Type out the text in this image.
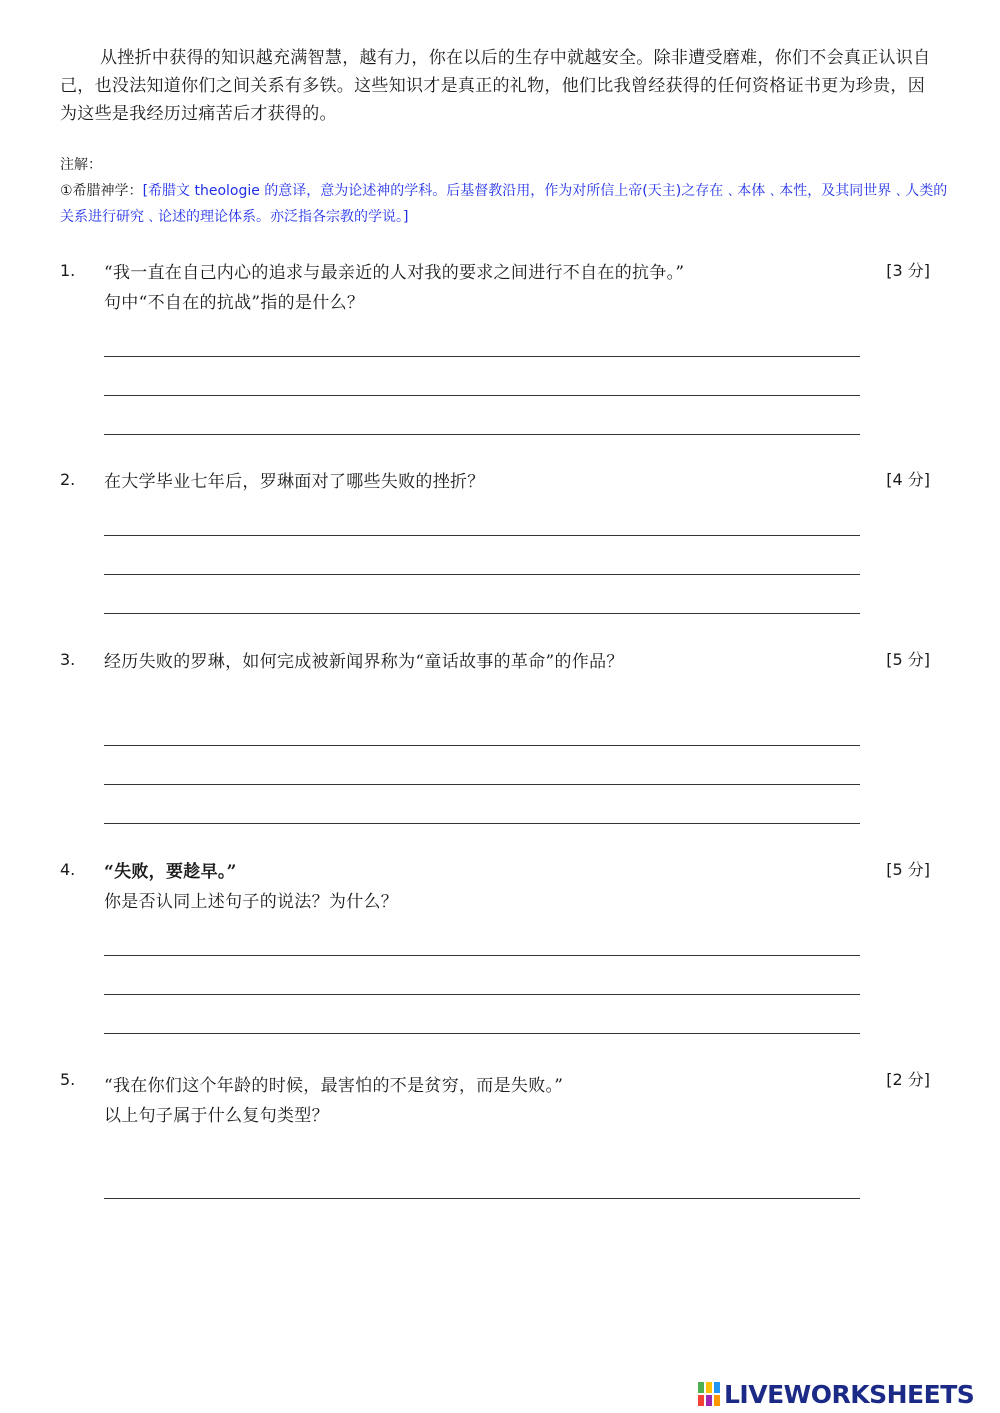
从挫折中获得的知识越充满智慧，越有力，你在以后的生存中就越安全。除非遭受磨难，你们不会真正认识自己，也没法知道你们之间关系有多铁。这些知识才是真正的礼物，他们比我曾经获得的任何资格证书更为珍贵，因为这些是我经历过痛苦后才获得的。

注解：

①希腊神学：[希腊文 theologie 的意译，意为论述神的学科。后基督教沿用，作为对所信上帝(天主)之存在﹑本体﹑本性，及其同世界﹑人类的关系进行研究﹑论述的理论体系。亦泛指各宗教的学说。]

1. “我一直在自己内心的追求与最亲近的人对我的要求之间进行不自在的抗争。”
句中“不自在的抗战”指的是什么？
[3 分]
2. 在大学毕业七年后，罗琳面对了哪些失败的挫折？	[4 分]
3. 经历失败的罗琳，如何完成被新闻界称为“童话故事的革命”的作品？	[5 分]
4. “失败，要趁早。”
你是否认同上述句子的说法？为什么？
[5 分]
5. “我在你们这个年龄的时候，最害怕的不是贫穷，而是失败。”
以上句子属于什么复句类型？
[2 分]
LIVEWORKSHEETS
